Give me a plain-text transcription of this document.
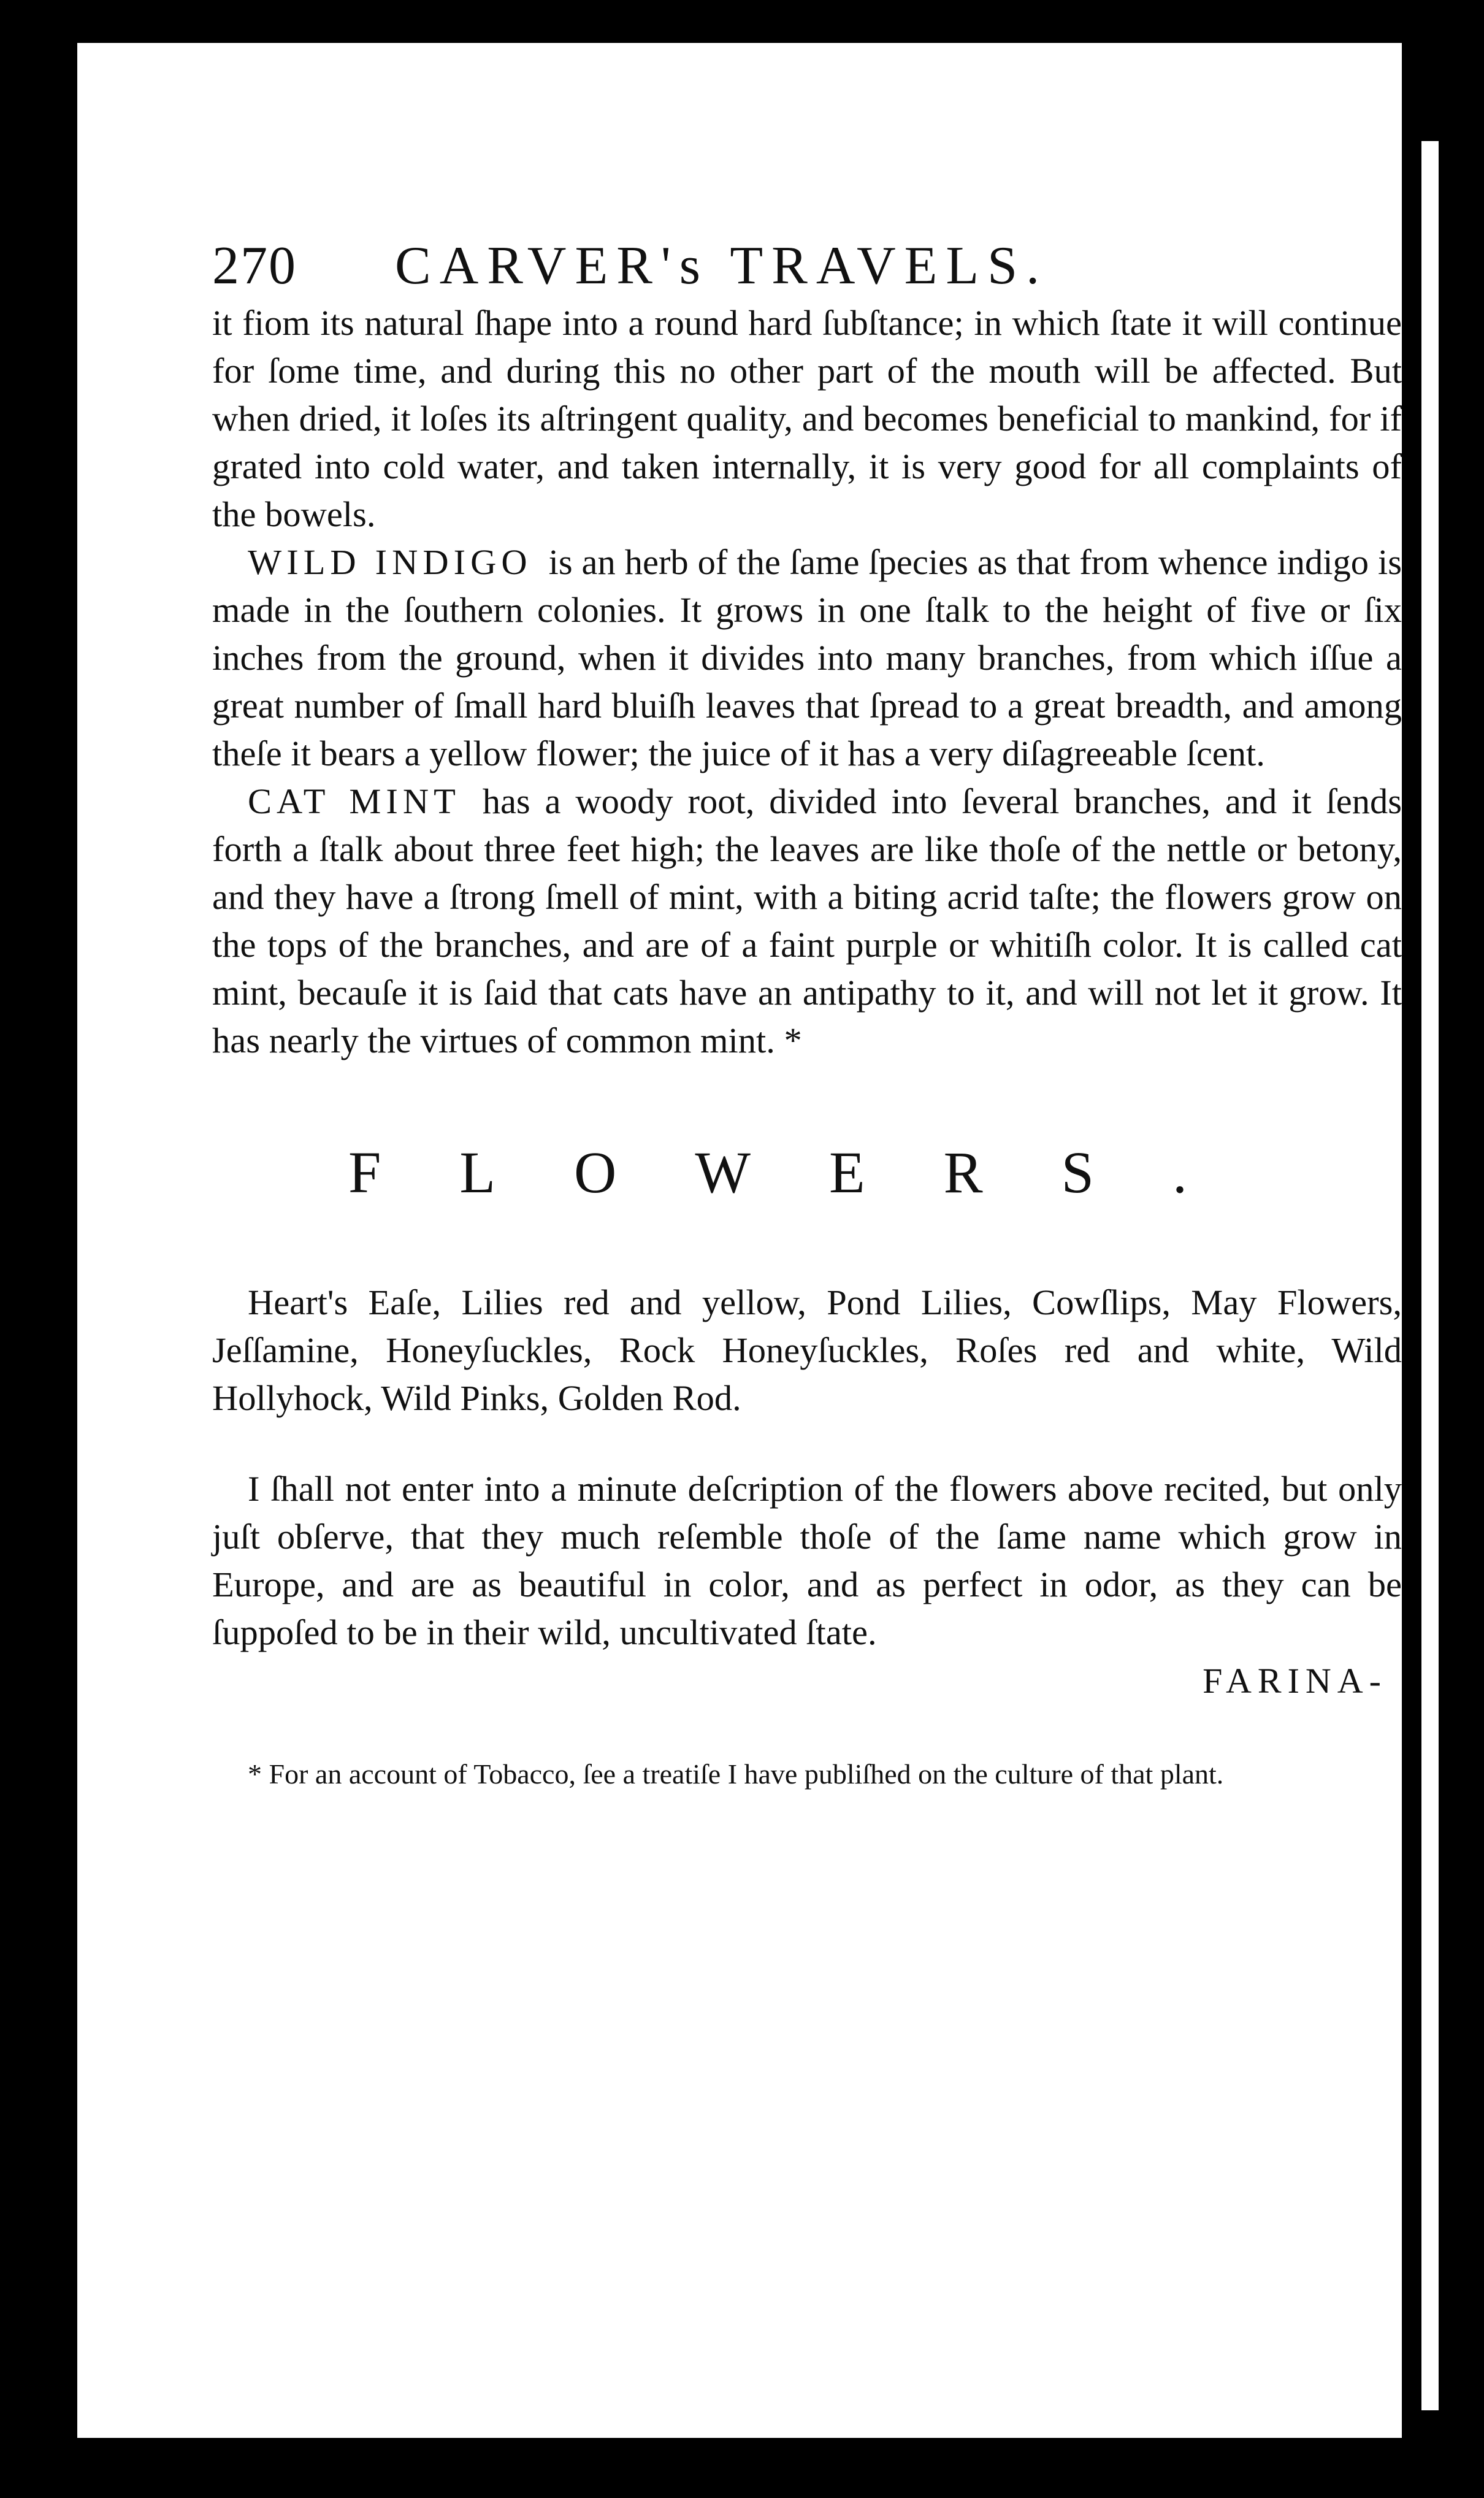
270 CARVER's TRAVELS.

it fiom its natural ſhape into a round hard ſubſtance; in which ſtate it will continue for ſome time, and during this no other part of the mouth will be affected. But when dried, it loſes its aſtringent quality, and becomes beneficial to mankind, for if grated into cold water, and taken internally, it is very good for all complaints of the bowels.

WILD INDIGO is an herb of the ſame ſpecies as that from whence indigo is made in the ſouthern colonies. It grows in one ſtalk to the height of five or ſix inches from the ground, when it divides into many branches, from which iſſue a great number of ſmall hard bluiſh leaves that ſpread to a great breadth, and among theſe it bears a yellow flower; the juice of it has a very diſagreeable ſcent.

CAT MINT has a woody root, divided into ſeveral branches, and it ſends forth a ſtalk about three feet high; the leaves are like thoſe of the nettle or betony, and they have a ſtrong ſmell of mint, with a biting acrid taſte; the flowers grow on the tops of the branches, and are of a faint purple or whitiſh color. It is called cat mint, becauſe it is ſaid that cats have an antipathy to it, and will not let it grow. It has nearly the virtues of common mint. *

FLOWERS.

Heart's Eaſe, Lilies red and yellow, Pond Lilies, Cowſlips, May Flowers, Jeſſamine, Honeyſuckles, Rock Honeyſuckles, Roſes red and white, Wild Hollyhock, Wild Pinks, Golden Rod.

I ſhall not enter into a minute deſcription of the flowers above recited, but only juſt obſerve, that they much reſemble thoſe of the ſame name which grow in Europe, and are as beautiful in color, and as perfect in odor, as they can be ſuppoſed to be in their wild, uncultivated ſtate.

FARINA-

* For an account of Tobacco, ſee a treatiſe I have publiſhed on the culture of that plant.
